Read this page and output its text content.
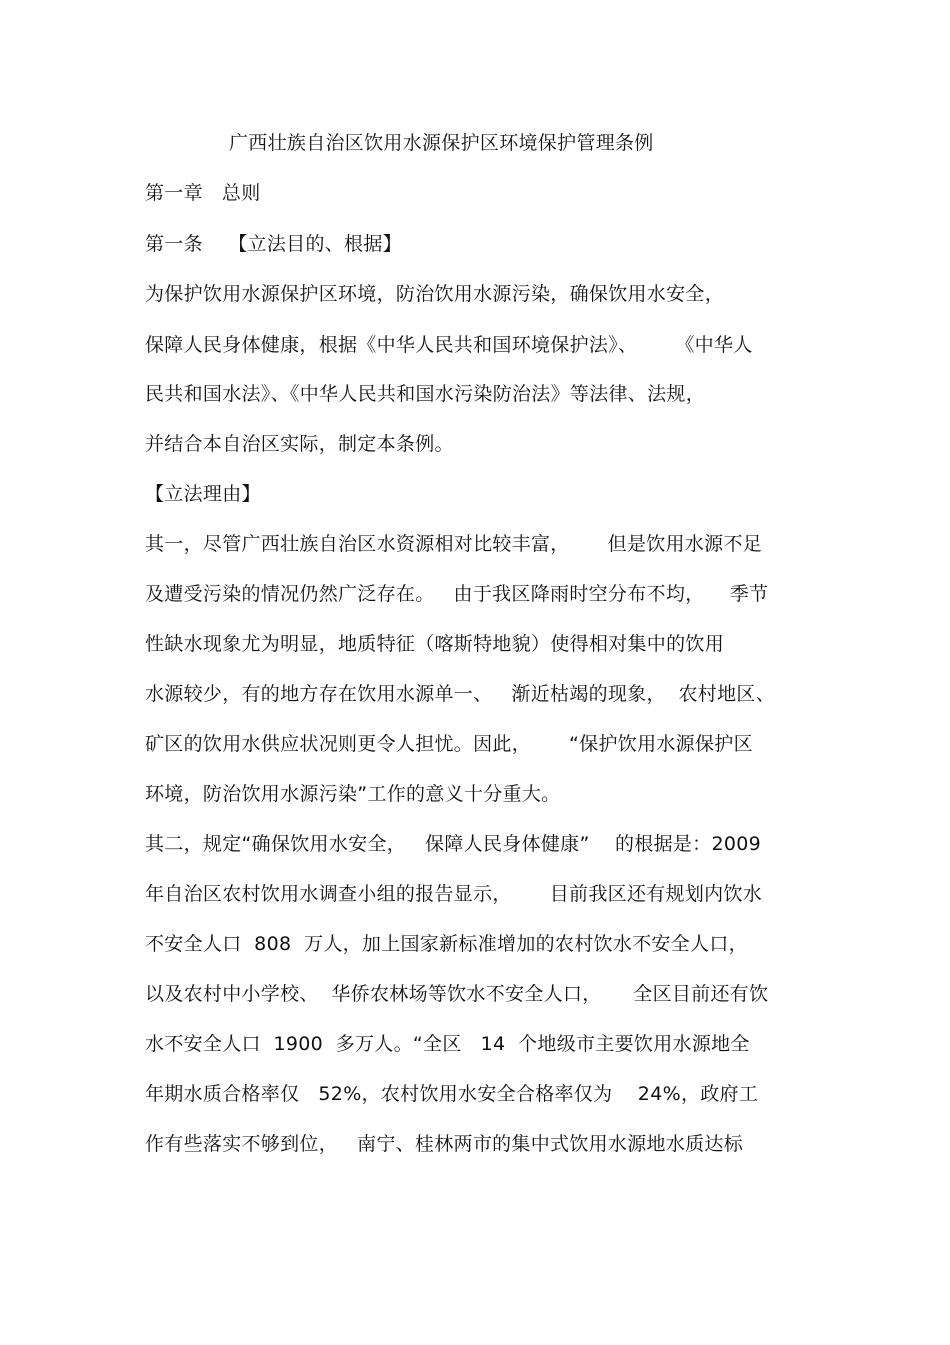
广西壮族自治区饮用水源保护区环境保护管理条例
第一章   总则
第一条    【立法目的、根据】
为保护饮用水源保护区环境，防治饮用水源污染，确保饮用水安全，
保障人民身体健康，根据《中华人民共和国环境保护法》、      《中华人
民共和国水法》、《中华人民共和国水污染防治法》等法律、法规，
并结合本自治区实际，制定本条例。
【立法理由】
其一，尽管广西壮族自治区水资源相对比较丰富，      但是饮用水源不足
及遭受污染的情况仍然广泛存在。   由于我区降雨时空分布不均，    季节
性缺水现象尤为明显，地质特征（喀斯特地貌）使得相对集中的饮用
水源较少，有的地方存在饮用水源单一、   渐近枯竭的现象，  农村地区、
矿区的饮用水供应状况则更令人担忧。因此，      “保护饮用水源保护区
环境，防治饮用水源污染”工作的意义十分重大。
其二，规定“确保饮用水安全，   保障人民身体健康”    的根据是：2009
年自治区农村饮用水调查小组的报告显示，      目前我区还有规划内饮水
不安全人口  808  万人，加上国家新标准增加的农村饮水不安全人口，
以及农村中小学校、  华侨农林场等饮水不安全人口，     全区目前还有饮
水不安全人口  1900  多万人。“全区   14  个地级市主要饮用水源地全
年期水质合格率仅   52%，农村饮用水安全合格率仅为    24%，政府工
作有些落实不够到位，   南宁、桂林两市的集中式饮用水源地水质达标
